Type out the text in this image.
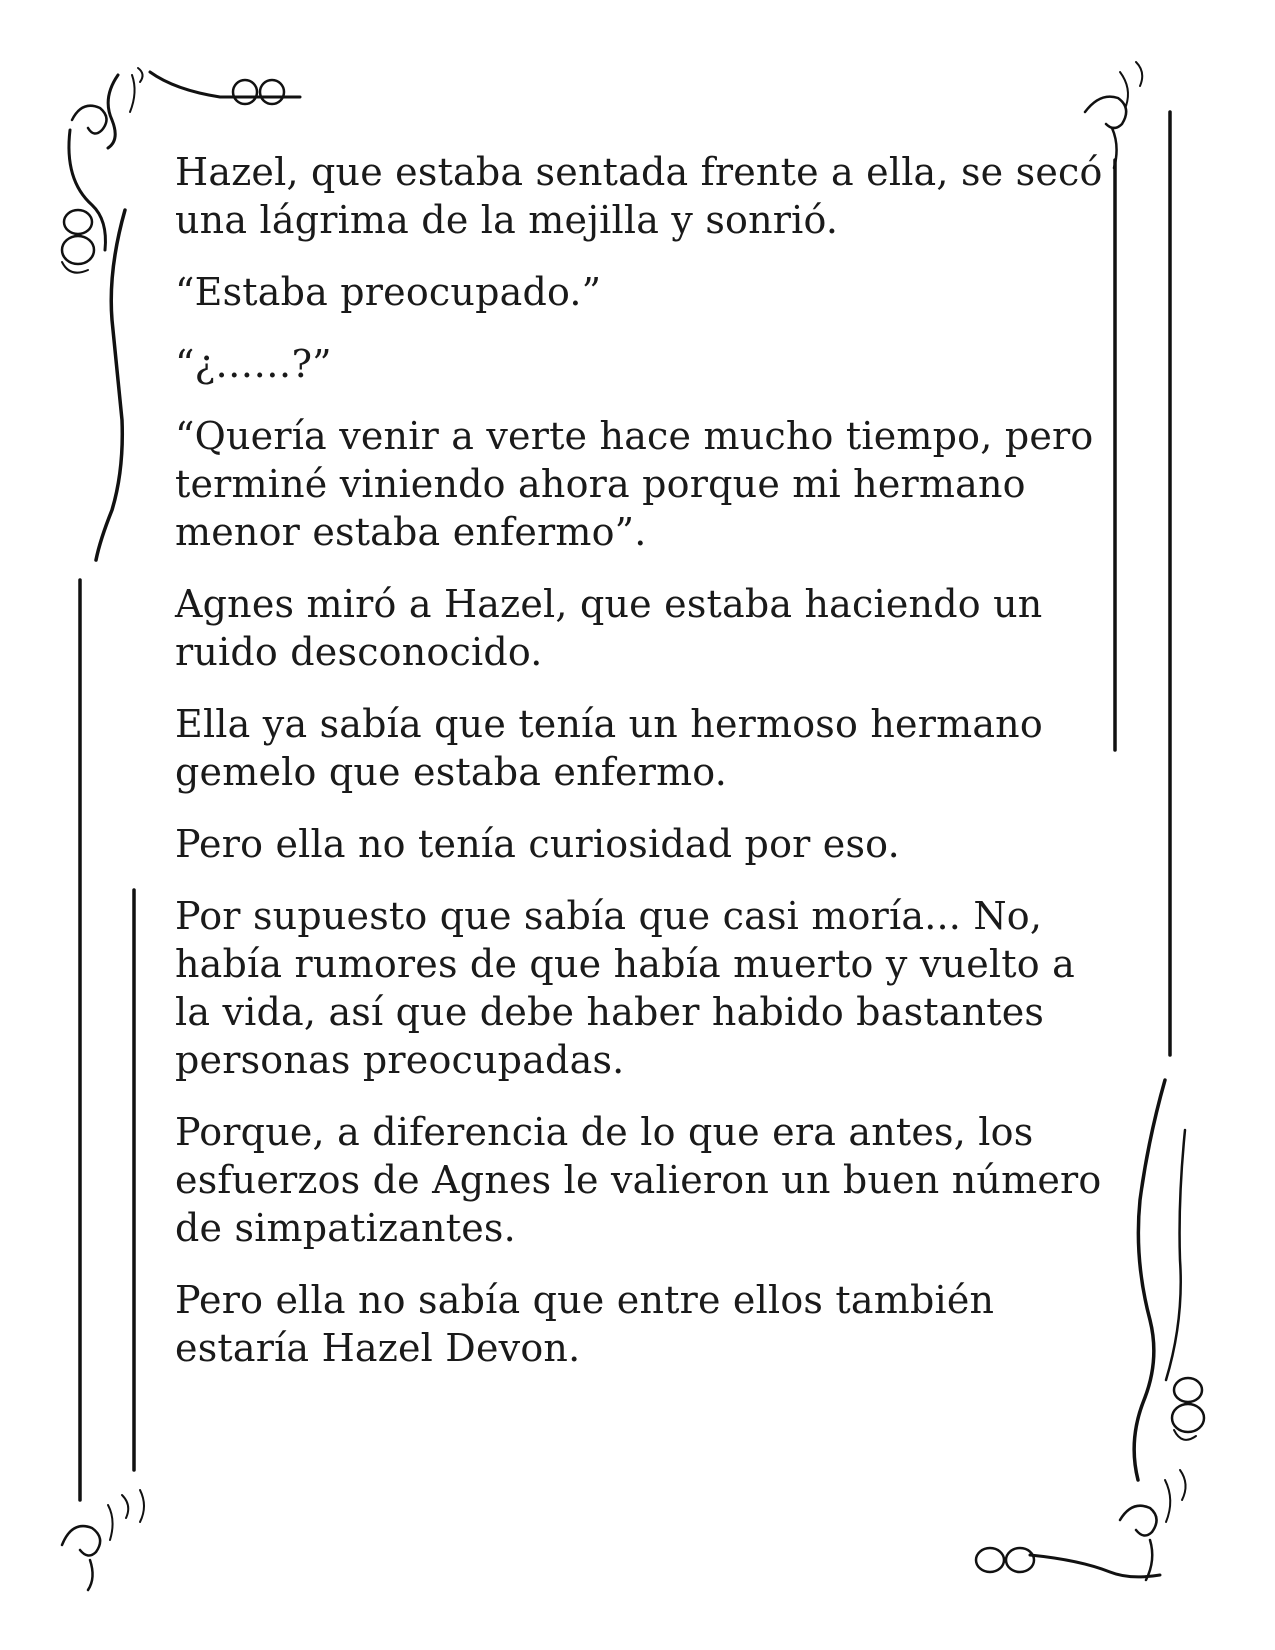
Hazel, que estaba sentada frente a ella, se secó
una lágrima de la mejilla y sonrió.

“Estaba preocupado.”

“¿……?”

“Quería venir a verte hace mucho tiempo, pero
terminé viniendo ahora porque mi hermano
menor estaba enfermo”.

Agnes miró a Hazel, que estaba haciendo un
ruido desconocido.

Ella ya sabía que tenía un hermoso hermano
gemelo que estaba enfermo.

Pero ella no tenía curiosidad por eso.

Por supuesto que sabía que casi moría... No,
había rumores de que había muerto y vuelto a
la vida, así que debe haber habido bastantes
personas preocupadas.

Porque, a diferencia de lo que era antes, los
esfuerzos de Agnes le valieron un buen número
de simpatizantes.

Pero ella no sabía que entre ellos también
estaría Hazel Devon.
